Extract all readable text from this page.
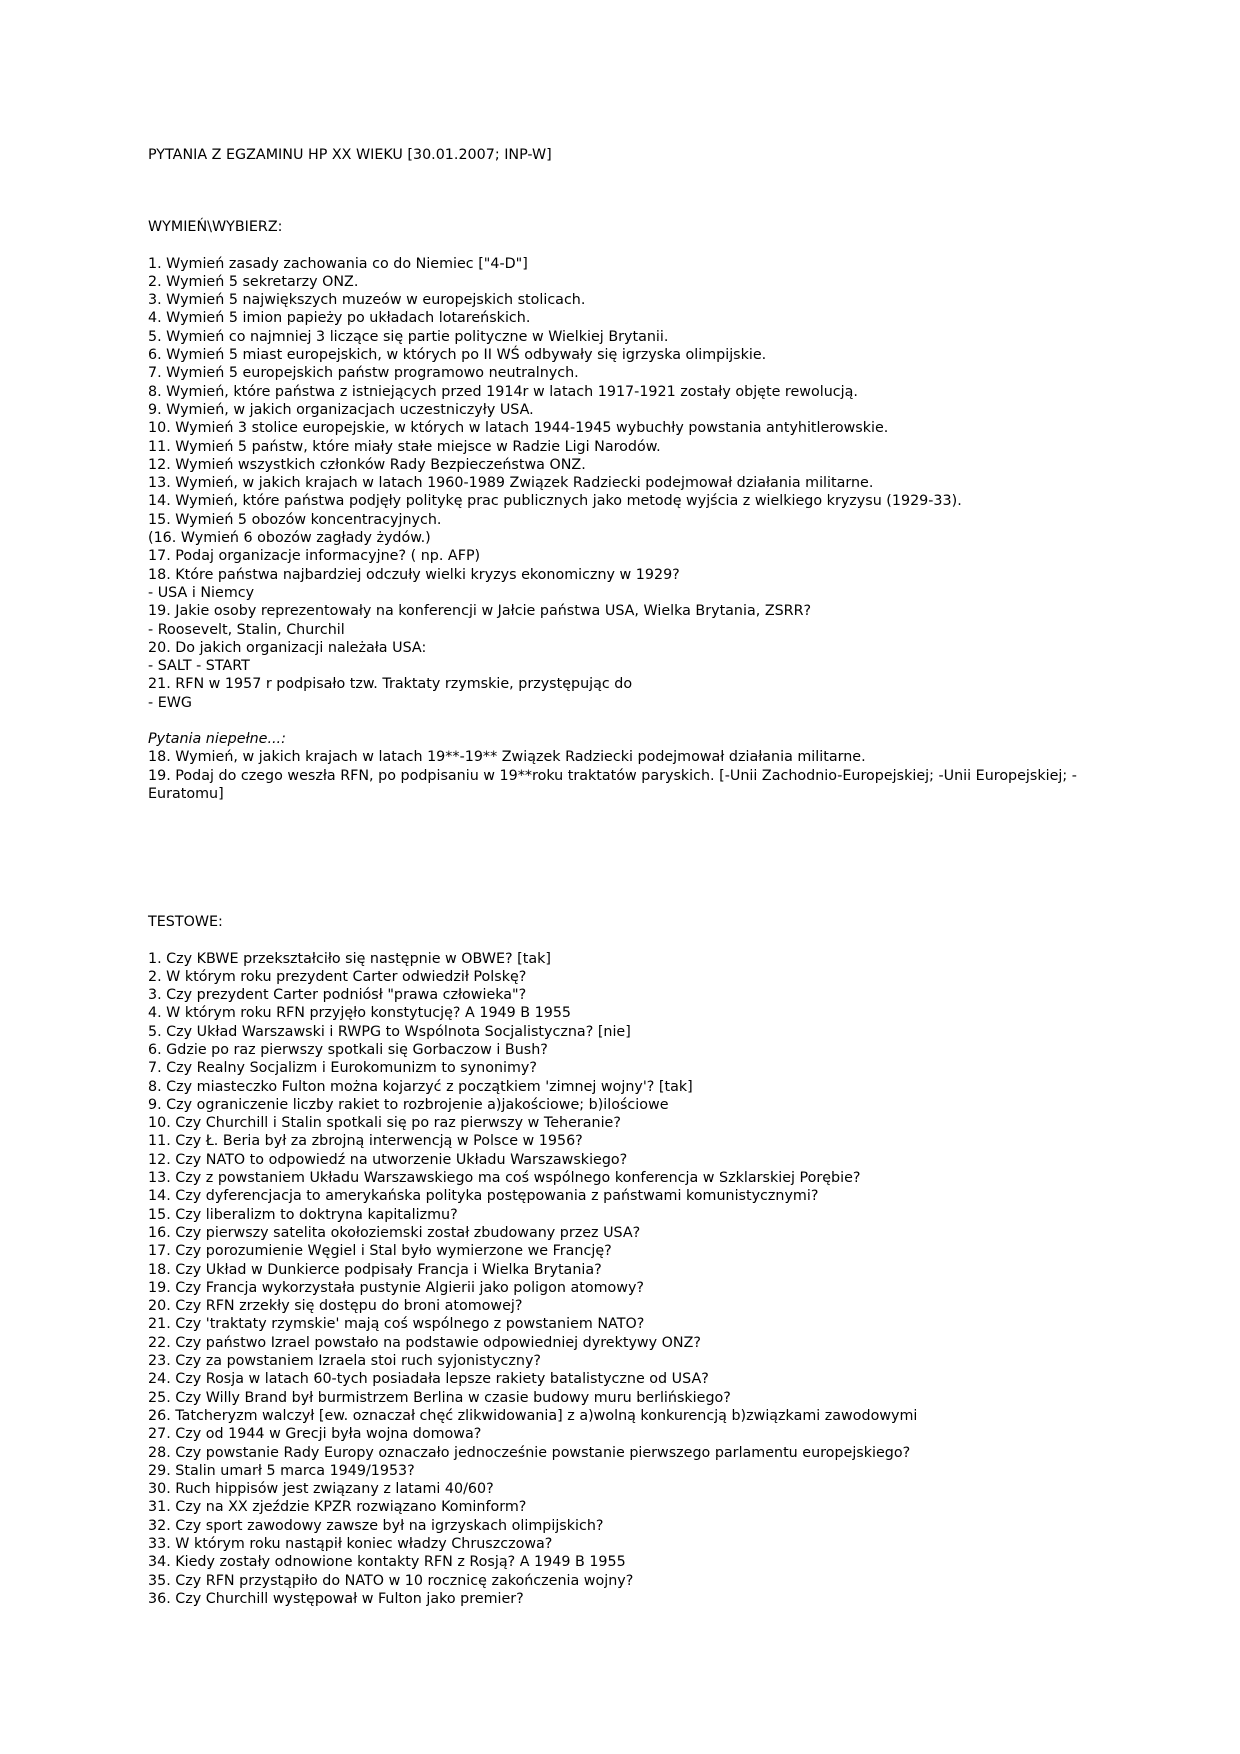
PYTANIA Z EGZAMINU HP XX WIEKU [30.01.2007; INP-W]
WYMIEŃ\WYBIERZ:
1. Wymień zasady zachowania co do Niemiec ["4-D"]
2. Wymień 5 sekretarzy ONZ.
3. Wymień 5 największych muzeów w europejskich stolicach.
4. Wymień 5 imion papieży po układach lotareńskich.
5. Wymień co najmniej 3 liczące się partie polityczne w Wielkiej Brytanii.
6. Wymień 5 miast europejskich, w których po II WŚ odbywały się igrzyska olimpijskie.
7. Wymień 5 europejskich państw programowo neutralnych.
8. Wymień, które państwa z istniejących przed 1914r w latach 1917-1921 zostały objęte rewolucją.
9. Wymień, w jakich organizacjach uczestniczyły USA.
10. Wymień 3 stolice europejskie, w których w latach 1944-1945 wybuchły powstania antyhitlerowskie.
11. Wymień 5 państw, które miały stałe miejsce w Radzie Ligi Narodów.
12. Wymień wszystkich członków Rady Bezpieczeństwa ONZ.
13. Wymień, w jakich krajach w latach 1960-1989 Związek Radziecki podejmował działania militarne.
14. Wymień, które państwa podjęły politykę prac publicznych jako metodę wyjścia z wielkiego kryzysu (1929-33).
15. Wymień 5 obozów koncentracyjnych.
(16. Wymień 6 obozów zagłady żydów.)
17. Podaj organizacje informacyjne? ( np. AFP)
18. Które państwa najbardziej odczuły wielki kryzys ekonomiczny w 1929?
- USA i Niemcy
19. Jakie osoby reprezentowały na konferencji w Jałcie państwa USA, Wielka Brytania, ZSRR?
- Roosevelt, Stalin, Churchil
20. Do jakich organizacji należała USA:
- SALT - START
21. RFN w 1957 r podpisało tzw. Traktaty rzymskie, przystępując do
- EWG
Pytania niepełne...:
18. Wymień, w jakich krajach w latach 19**-19** Związek Radziecki podejmował działania militarne.
19. Podaj do czego weszła RFN, po podpisaniu w 19**roku traktatów paryskich. [-Unii Zachodnio-Europejskiej; -Unii Europejskiej; -Euratomu]
TESTOWE:
1. Czy KBWE przekształciło się następnie w OBWE? [tak]
2. W którym roku prezydent Carter odwiedził Polskę?
3. Czy prezydent Carter podniósł "prawa człowieka"?
4. W którym roku RFN przyjęło konstytucję? A 1949 B 1955
5. Czy Układ Warszawski i RWPG to Wspólnota Socjalistyczna? [nie]
6. Gdzie po raz pierwszy spotkali się Gorbaczow i Bush?
7. Czy Realny Socjalizm i Eurokomunizm to synonimy?
8. Czy miasteczko Fulton można kojarzyć z początkiem 'zimnej wojny'? [tak]
9. Czy ograniczenie liczby rakiet to rozbrojenie a)jakościowe; b)ilościowe
10. Czy Churchill i Stalin spotkali się po raz pierwszy w Teheranie?
11. Czy Ł. Beria był za zbrojną interwencją w Polsce w 1956?
12. Czy NATO to odpowiedź na utworzenie Układu Warszawskiego?
13. Czy z powstaniem Układu Warszawskiego ma coś wspólnego konferencja w Szklarskiej Porębie?
14. Czy dyferencjacja to amerykańska polityka postępowania z państwami komunistycznymi?
15. Czy liberalizm to doktryna kapitalizmu?
16. Czy pierwszy satelita okołoziemski został zbudowany przez USA?
17. Czy porozumienie Węgiel i Stal było wymierzone we Francję?
18. Czy Układ w Dunkierce podpisały Francja i Wielka Brytania?
19. Czy Francja wykorzystała pustynie Algierii jako poligon atomowy?
20. Czy RFN zrzekły się dostępu do broni atomowej?
21. Czy 'traktaty rzymskie' mają coś wspólnego z powstaniem NATO?
22. Czy państwo Izrael powstało na podstawie odpowiedniej dyrektywy ONZ?
23. Czy za powstaniem Izraela stoi ruch syjonistyczny?
24. Czy Rosja w latach 60-tych posiadała lepsze rakiety batalistyczne od USA?
25. Czy Willy Brand był burmistrzem Berlina w czasie budowy muru berlińskiego?
26. Tatcheryzm walczył [ew. oznaczał chęć zlikwidowania] z a)wolną konkurencją b)związkami zawodowymi
27. Czy od 1944 w Grecji była wojna domowa?
28. Czy powstanie Rady Europy oznaczało jednocześnie powstanie pierwszego parlamentu europejskiego?
29. Stalin umarł 5 marca 1949/1953?
30. Ruch hippisów jest związany z latami 40/60?
31. Czy na XX zjeździe KPZR rozwiązano Kominform?
32. Czy sport zawodowy zawsze był na igrzyskach olimpijskich?
33. W którym roku nastąpił koniec władzy Chruszczowa?
34. Kiedy zostały odnowione kontakty RFN z Rosją? A 1949 B 1955
35. Czy RFN przystąpiło do NATO w 10 rocznicę zakończenia wojny?
36. Czy Churchill występował w Fulton jako premier?
